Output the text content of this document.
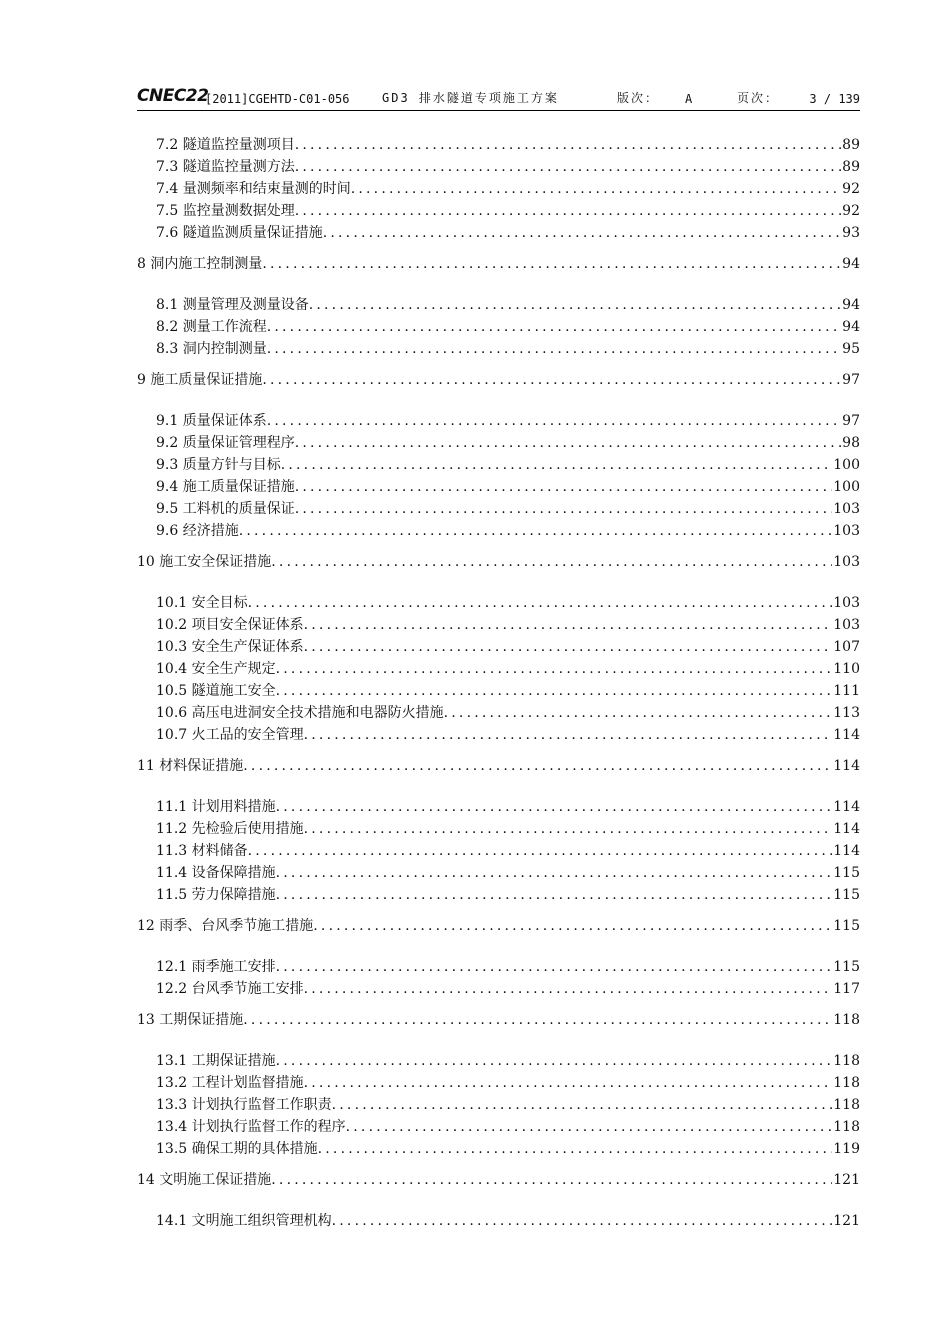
CNEC22
[2011]CGEHTD-C01-056	GD3 排水隧道专项施工方案	版次： A	页次：	3 / 139
7.2 隧道监控量测项目 .....	89
7.3 隧道监控量测方法 .....	89
7.4 量测频率和结束量测的时间 .....	92
7.5 监控量测数据处理 .....	92
7.6 隧道监测质量保证措施 .....	93
8 洞内施工控制测量 .....	94
8.1 测量管理及测量设备 .....	94
8.2 测量工作流程 .....	94
8.3 洞内控制测量 .....	95
9 施工质量保证措施 .....	97
9.1 质量保证体系 .....	97
9.2 质量保证管理程序 .....	98
9.3 质量方针与目标 .....	100
9.4 施工质量保证措施 .....	100
9.5 工料机的质量保证 .....	103
9.6 经济措施 .....	103
10 施工安全保证措施 .....	103
10.1 安全目标 .....	103
10.2 项目安全保证体系 .....	103
10.3 安全生产保证体系 .....	107
10.4 安全生产规定 .....	110
10.5 隧道施工安全 .....	111
10.6 高压电进洞安全技术措施和电器防火措施 .....	113
10.7 火工品的安全管理 .....	114
11 材料保证措施 .....	114
11.1 计划用料措施 .....	114
11.2 先检验后使用措施 .....	114
11.3 材料储备 .....	114
11.4 设备保障措施 .....	115
11.5 劳力保障措施 .....	115
12 雨季、台风季节施工措施 .....	115
12.1 雨季施工安排 .....	115
12.2 台风季节施工安排 .....	117
13 工期保证措施 .....	118
13.1 工期保证措施 .....	118
13.2 工程计划监督措施 .....	118
13.3 计划执行监督工作职责 .....	118
13.4 计划执行监督工作的程序 .....	118
13.5 确保工期的具体措施 .....	119
14 文明施工保证措施 .....	121
14.1 文明施工组织管理机构 .....	121
